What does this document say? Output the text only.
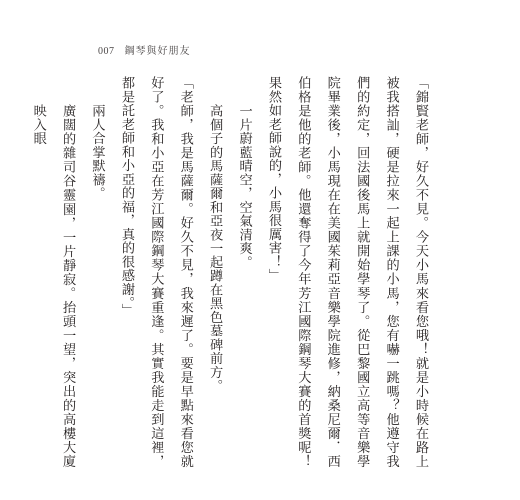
007 鋼琴與好朋友

「錦賢老師，好久不見。今天小馬來看您哦！就是小時候在路上被我搭訕，硬是拉來一起上課的小馬，您有嚇一跳嗎？他遵守我們的約定，回法國後馬上就開始學琴了。從巴黎國立高等音樂學院畢業後，小馬現在在美國茱莉亞音樂學院進修，納桑尼爾．西伯格是他的老師。他還奪得了今年芳江國際鋼琴大賽的首獎呢！果然如老師說的，小馬很厲害！」

一片蔚藍晴空，空氣清爽。

高個子的馬薩爾和亞夜一起蹲在黑色墓碑前方。

「老師，我是馬薩爾。好久不見，我來遲了。要是早點來看您就好了。我和小亞在芳江國際鋼琴大賽重逢。其實我能走到這裡，都是託老師和小亞的福，真的很感謝。」

兩人合掌默禱。

廣闊的雜司谷靈園，一片靜寂。抬頭一望，突出的高樓大廈映入眼
